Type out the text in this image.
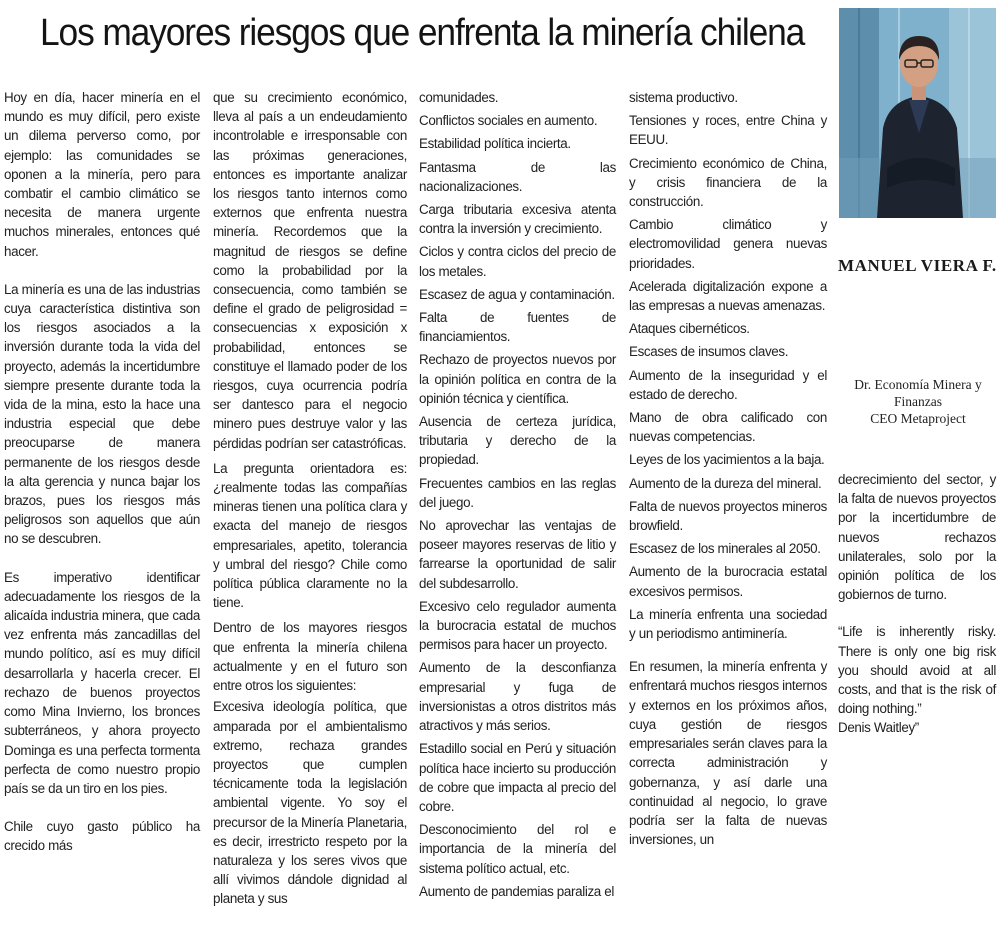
Los mayores riesgos que enfrenta la minería chilena

Hoy en día, hacer minería en el mundo es muy difícil, pero existe un dilema perverso como, por ejemplo: las comunidades se oponen a la minería, pero para combatir el cambio climático se necesita de manera urgente muchos minerales, entonces qué hacer.

La minería es una de las industrias cuya característica distintiva son los riesgos asociados a la inversión durante toda la vida del proyecto, además la incertidumbre siempre presente durante toda la vida de la mina, esto la hace una industria especial que debe preocuparse de manera permanente de los riesgos desde la alta gerencia y nunca bajar los brazos, pues los riesgos más peligrosos son aquellos que aún no se descubren.

Es imperativo identificar adecuadamente los riesgos de la alicaída industria minera, que cada vez enfrenta más zancadillas del mundo político, así es muy difícil desarrollarla y hacerla crecer. El rechazo de buenos proyectos como Mina Invierno, los bronces subterráneos, y ahora proyecto Dominga es una perfecta tormenta perfecta de como nuestro propio país se da un tiro en los pies.

Chile cuyo gasto público ha crecido más

que su crecimiento económico, lleva al país a un endeudamiento incontrolable e irresponsable con las próximas generaciones, entonces es importante analizar los riesgos tanto internos como externos que enfrenta nuestra minería. Recordemos que la magnitud de riesgos se define como la probabilidad por la consecuencia, como también se define el grado de peligrosidad = consecuencias x exposición x probabilidad, entonces se constituye el llamado poder de los riesgos, cuya ocurrencia podría ser dantesco para el negocio minero pues destruye valor y las pérdidas podrían ser catastróficas.

La pregunta orientadora es: ¿realmente todas las compañías mineras tienen una política clara y exacta del manejo de riesgos empresariales, apetito, tolerancia y umbral del riesgo? Chile como política pública claramente no la tiene.

Dentro de los mayores riesgos que enfrenta la minería chilena actualmente y en el futuro son entre otros los siguientes:

Excesiva ideología política, que amparada por el ambientalismo extremo, rechaza grandes proyectos que cumplen técnicamente toda la legislación ambiental vigente. Yo soy el precursor de la Minería Planetaria, es decir, irrestricto respeto por la naturaleza y los seres vivos que allí vivimos dándole dignidad al planeta y sus

comunidades.

Conflictos sociales en aumento.

Estabilidad política incierta.

Fantasma de las nacionalizaciones.

Carga tributaria excesiva atenta contra la inversión y crecimiento.

Ciclos y contra ciclos del precio de los metales.

Escasez de agua y contaminación.

Falta de fuentes de financiamientos.

Rechazo de proyectos nuevos por la opinión política en contra de la opinión técnica y científica.

Ausencia de certeza jurídica, tributaria y derecho de la propiedad.

Frecuentes cambios en las reglas del juego.

No aprovechar las ventajas de poseer mayores reservas de litio y farrearse la oportunidad de salir del subdesarrollo.

Excesivo celo regulador aumenta la burocracia estatal de muchos permisos para hacer un proyecto.

Aumento de la desconfianza empresarial y fuga de inversionistas a otros distritos más atractivos y más serios.

Estadillo social en Perú y situación política hace incierto su producción de cobre que impacta al precio del cobre.

Desconocimiento del rol e importancia de la minería del sistema político actual, etc.

Aumento de pandemias paraliza el

sistema productivo.

Tensiones y roces, entre China y EEUU.

Crecimiento económico de China, y crisis financiera de la construcción.

Cambio climático y electromovilidad genera nuevas prioridades.

Acelerada digitalización expone a las empresas a nuevas amenazas.

Ataques cibernéticos.

Escases de insumos claves.

Aumento de la inseguridad y el estado de derecho.

Mano de obra calificado con nuevas competencias.

Leyes de los yacimientos a la baja.

Aumento de la dureza del mineral.

Falta de nuevos proyectos mineros browfield.

Escasez de los minerales al 2050.

Aumento de la burocracia estatal excesivos permisos.

La minería enfrenta una sociedad y un periodismo antiminería.

En resumen, la minería enfrenta y enfrentará muchos riesgos internos y externos en los próximos años, cuya gestión de riesgos empresariales serán claves para la correcta administración y gobernanza, y así darle una continuidad al negocio, lo grave podría ser la falta de nuevas inversiones, un

MANUEL VIERA F.
Dr. Economía Minera y
Finanzas
CEO Metaproject

decrecimiento del sector, y la falta de nuevos proyectos por la incertidumbre de nuevos rechazos unilaterales, solo por la opinión política de los gobiernos de turno.

“Life is inherently risky. There is only one big risk you should avoid at all costs, and that is the risk of doing nothing.”

Denis Waitley”
